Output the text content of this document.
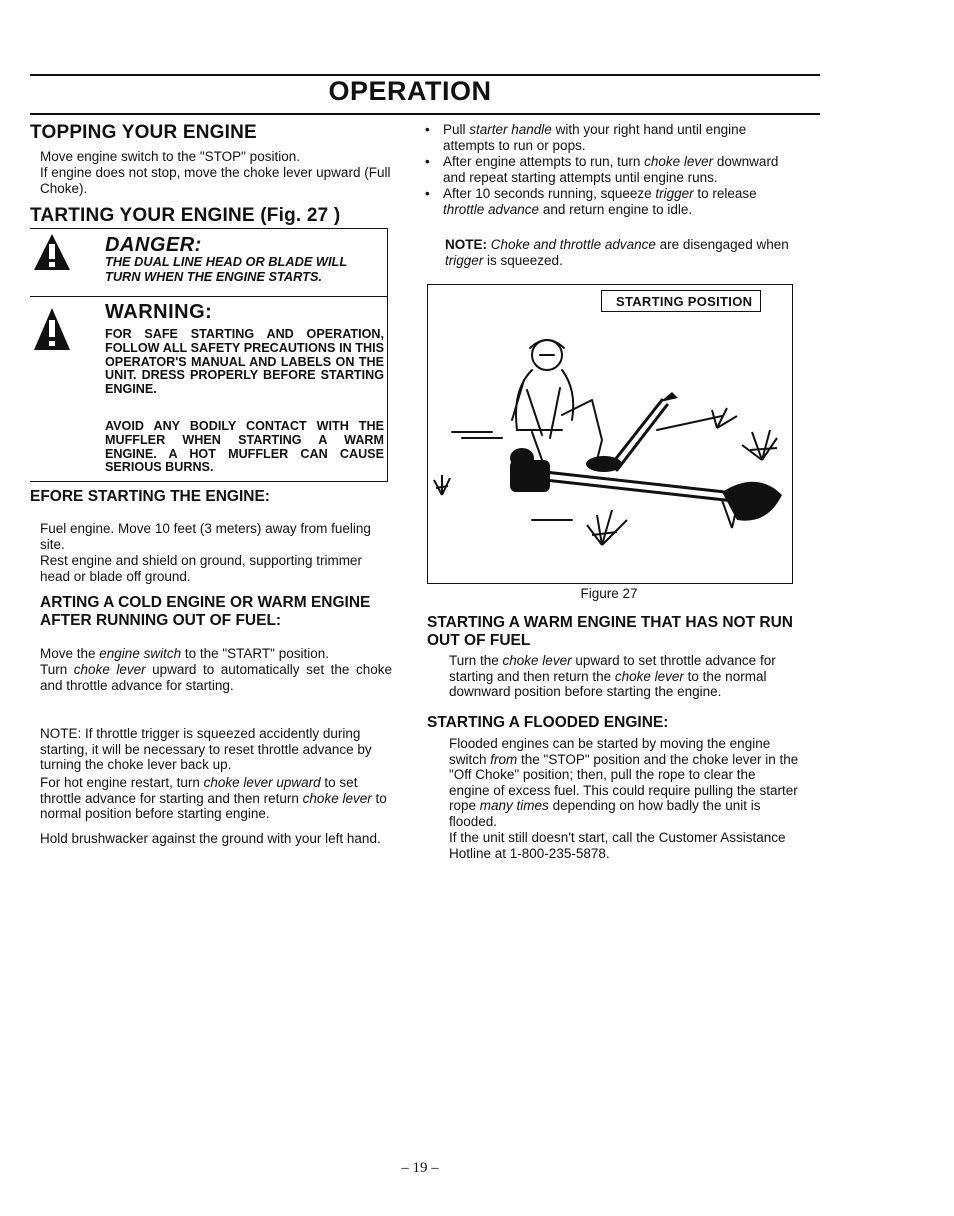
OPERATION
TOPPING YOUR ENGINE
Move engine switch to the "STOP" position.
If engine does not stop, move the choke lever upward (Full Choke).
TARTING YOUR ENGINE (Fig. 27 )
DANGER:
THE DUAL LINE HEAD OR BLADE WILL TURN WHEN THE ENGINE STARTS.
WARNING:
FOR SAFE STARTING AND OPERATION, FOLLOW ALL SAFETY PRECAUTIONS IN THIS OPERATOR'S MANUAL AND LABELS ON THE UNIT. DRESS PROPERLY BEFORE STARTING ENGINE.
AVOID ANY BODILY CONTACT WITH THE MUFFLER WHEN STARTING A WARM ENGINE. A HOT MUFFLER CAN CAUSE SERIOUS BURNS.
EFORE STARTING THE ENGINE:
Fuel engine. Move 10 feet (3 meters) away from fueling site.
Rest engine and shield on ground, supporting trimmer head or blade off ground.
ARTING A COLD ENGINE OR WARM ENGINE AFTER RUNNING OUT OF FUEL:
Move the engine switch to the "START" position.
Turn choke lever upward to automatically set the choke and throttle advance for starting.
NOTE: If throttle trigger is squeezed accidently during starting, it will be necessary to reset throttle advance by turning the choke lever back up.
For hot engine restart, turn choke lever upward to set throttle advance for starting and then return choke lever to normal position before starting engine.
Hold brushwacker against the ground with your left hand.
• Pull starter handle with your right hand until engine attempts to run or pops.
• After engine attempts to run, turn choke lever downward and repeat starting attempts until engine runs.
• After 10 seconds running, squeeze trigger to release throttle advance and return engine to idle.
NOTE: Choke and throttle advance are disengaged when trigger is squeezed.
STARTING POSITION
Figure 27
STARTING A WARM ENGINE THAT HAS NOT RUN OUT OF FUEL
Turn the choke lever upward to set throttle advance for starting and then return the choke lever to the normal downward position before starting the engine.
STARTING A FLOODED ENGINE:
Flooded engines can be started by moving the engine switch from the "STOP" position and the choke lever in the "Off Choke" position; then, pull the rope to clear the engine of excess fuel. This could require pulling the starter rope many times depending on how badly the unit is flooded.
If the unit still doesn't start, call the Customer Assistance Hotline at 1-800-235-5878.
– 19 –
